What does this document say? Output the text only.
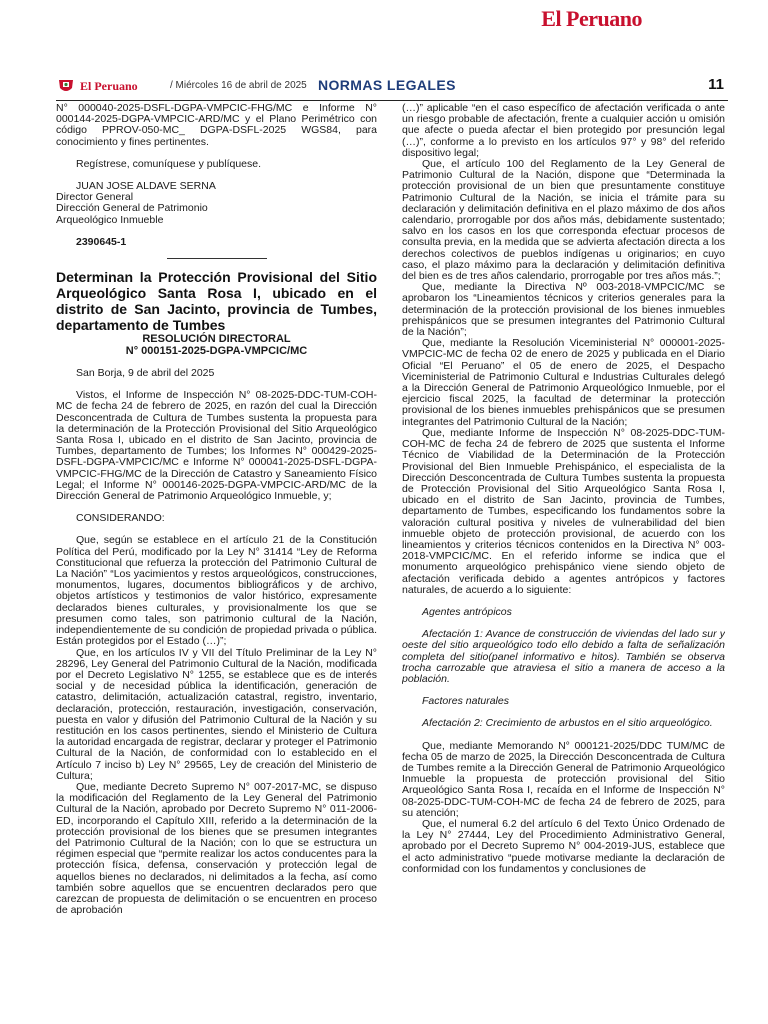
El Peruano
El Peruano	/ Miércoles 16 de abril de 2025 NORMAS LEGALES	11

N° 000040-2025-DSFL-DGPA-VMPCIC-FHG/MC e Informe N° 000144-2025-DGPA-VMPCIC-ARD/MC y el Plano Perimétrico con código PPROV-050-MC_ DGPA-DSFL-2025 WGS84, para conocimiento y fines pertinentes.

Regístrese, comuníquese y publíquese.

JUAN JOSE ALDAVE SERNA
Director General
Dirección General de Patrimonio
Arqueológico Inmueble

2390645-1

Determinan la Protección Provisional del Sitio Arqueológico Santa Rosa I, ubicado en el distrito de San Jacinto, provincia de Tumbes, departamento de Tumbes

RESOLUCIÓN DIRECTORAL

N° 000151-2025-DGPA-VMPCIC/MC

San Borja, 9 de abril del 2025

Vistos, el Informe de Inspección N° 08-2025-DDC-TUM-COH-MC de fecha 24 de febrero de 2025, en razón del cual la Dirección Desconcentrada de Cultura de Tumbes sustenta la propuesta para la determinación de la Protección Provisional del Sitio Arqueológico Santa Rosa I, ubicado en el distrito de San Jacinto, provincia de Tumbes, departamento de Tumbes; los Informes N° 000429-2025-DSFL-DGPA-VMPCIC/MC e Informe N° 000041-2025-DSFL-DGPA-VMPCIC-FHG/MC de la Dirección de Catastro y Saneamiento Físico Legal; el Informe N° 000146-2025-DGPA-VMPCIC-ARD/MC de la Dirección General de Patrimonio Arqueológico Inmueble, y;

CONSIDERANDO:

Que, según se establece en el artículo 21 de la Constitución Política del Perú, modificado por la Ley N° 31414 “Ley de Reforma Constitucional que refuerza la protección del Patrimonio Cultural de La Nación” “Los yacimientos y restos arqueológicos, construcciones, monumentos, lugares, documentos bibliográficos y de archivo, objetos artísticos y testimonios de valor histórico, expresamente declarados bienes culturales, y provisionalmente los que se presumen como tales, son patrimonio cultural de la Nación, independientemente de su condición de propiedad privada o pública. Están protegidos por el Estado (…)”;

Que, en los artículos IV y VII del Título Preliminar de la Ley N° 28296, Ley General del Patrimonio Cultural de la Nación, modificada por el Decreto Legislativo N° 1255, se establece que es de interés social y de necesidad pública la identificación, generación de catastro, delimitación, actualización catastral, registro, inventario, declaración, protección, restauración, investigación, conservación, puesta en valor y difusión del Patrimonio Cultural de la Nación y su restitución en los casos pertinentes, siendo el Ministerio de Cultura la autoridad encargada de registrar, declarar y proteger el Patrimonio Cultural de la Nación, de conformidad con lo establecido en el Artículo 7 inciso b) Ley N° 29565, Ley de creación del Ministerio de Cultura;

Que, mediante Decreto Supremo N° 007-2017-MC, se dispuso la modificación del Reglamento de la Ley General del Patrimonio Cultural de la Nación, aprobado por Decreto Supremo N° 011-2006-ED, incorporando el Capítulo XIII, referido a la determinación de la protección provisional de los bienes que se presumen integrantes del Patrimonio Cultural de la Nación; con lo que se estructura un régimen especial que “permite realizar los actos conducentes para la protección física, defensa, conservación y protección legal de aquellos bienes no declarados, ni delimitados a la fecha, así como también sobre aquellos que se encuentren declarados pero que carezcan de propuesta de delimitación o se encuentren en proceso de aprobación

(…)” aplicable “en el caso específico de afectación verificada o ante un riesgo probable de afectación, frente a cualquier acción u omisión que afecte o pueda afectar el bien protegido por presunción legal (…)”, conforme a lo previsto en los artículos 97° y 98° del referido dispositivo legal;

Que, el artículo 100 del Reglamento de la Ley General de Patrimonio Cultural de la Nación, dispone que “Determinada la protección provisional de un bien que presuntamente constituye Patrimonio Cultural de la Nación, se inicia el trámite para su declaración y delimitación definitiva en el plazo máximo de dos años calendario, prorrogable por dos años más, debidamente sustentado; salvo en los casos en los que corresponda efectuar procesos de consulta previa, en la medida que se advierta afectación directa a los derechos colectivos de pueblos indígenas u originarios; en cuyo caso, el plazo máximo para la declaración y delimitación definitiva del bien es de tres años calendario, prorrogable por tres años más.”;

Que, mediante la Directiva Nº 003-2018-VMPCIC/MC se aprobaron los “Lineamientos técnicos y criterios generales para la determinación de la protección provisional de los bienes inmuebles prehispánicos que se presumen integrantes del Patrimonio Cultural de la Nación”;

Que, mediante la Resolución Viceministerial N° 000001-2025-VMPCIC-MC de fecha 02 de enero de 2025 y publicada en el Diario Oficial “El Peruano” el 05 de enero de 2025, el Despacho Viceministerial de Patrimonio Cultural e Industrias Culturales delegó a la Dirección General de Patrimonio Arqueológico Inmueble, por el ejercicio fiscal 2025, la facultad de determinar la protección provisional de los bienes inmuebles prehispánicos que se presumen integrantes del Patrimonio Cultural de la Nación;

Que, mediante Informe de Inspección N° 08-2025-DDC-TUM-COH-MC de fecha 24 de febrero de 2025 que sustenta el Informe Técnico de Viabilidad de la Determinación de la Protección Provisional del Bien Inmueble Prehispánico, el especialista de la Dirección Desconcentrada de Cultura Tumbes sustenta la propuesta de Protección Provisional del Sitio Arqueológico Santa Rosa I, ubicado en el distrito de San Jacinto, provincia de Tumbes, departamento de Tumbes, especificando los fundamentos sobre la valoración cultural positiva y niveles de vulnerabilidad del bien inmueble objeto de protección provisional, de acuerdo con los lineamientos y criterios técnicos contenidos en la Directiva N° 003-2018-VMPCIC/MC. En el referido informe se indica que el monumento arqueológico prehispánico viene siendo objeto de afectación verificada debido a agentes antrópicos y factores naturales, de acuerdo a lo siguiente:

Agentes antrópicos

Afectación 1: Avance de construcción de viviendas del lado sur y oeste del sitio arqueológico todo ello debido a falta de señalización completa del sitio(panel informativo e hitos). También se observa trocha carrozable que atraviesa el sitio a manera de acceso a la población.

Factores naturales

Afectación 2: Crecimiento de arbustos en el sitio arqueológico.

Que, mediante Memorando N° 000121-2025/DDC TUM/MC de fecha 05 de marzo de 2025, la Dirección Desconcentrada de Cultura de Tumbes remite a la Dirección General de Patrimonio Arqueológico Inmueble la propuesta de protección provisional del Sitio Arqueológico Santa Rosa I, recaída en el Informe de Inspección N° 08-2025-DDC-TUM-COH-MC de fecha 24 de febrero de 2025, para su atención;

Que, el numeral 6.2 del artículo 6 del Texto Único Ordenado de la Ley N° 27444, Ley del Procedimiento Administrativo General, aprobado por el Decreto Supremo N° 004-2019-JUS, establece que el acto administrativo “puede motivarse mediante la declaración de conformidad con los fundamentos y conclusiones de
